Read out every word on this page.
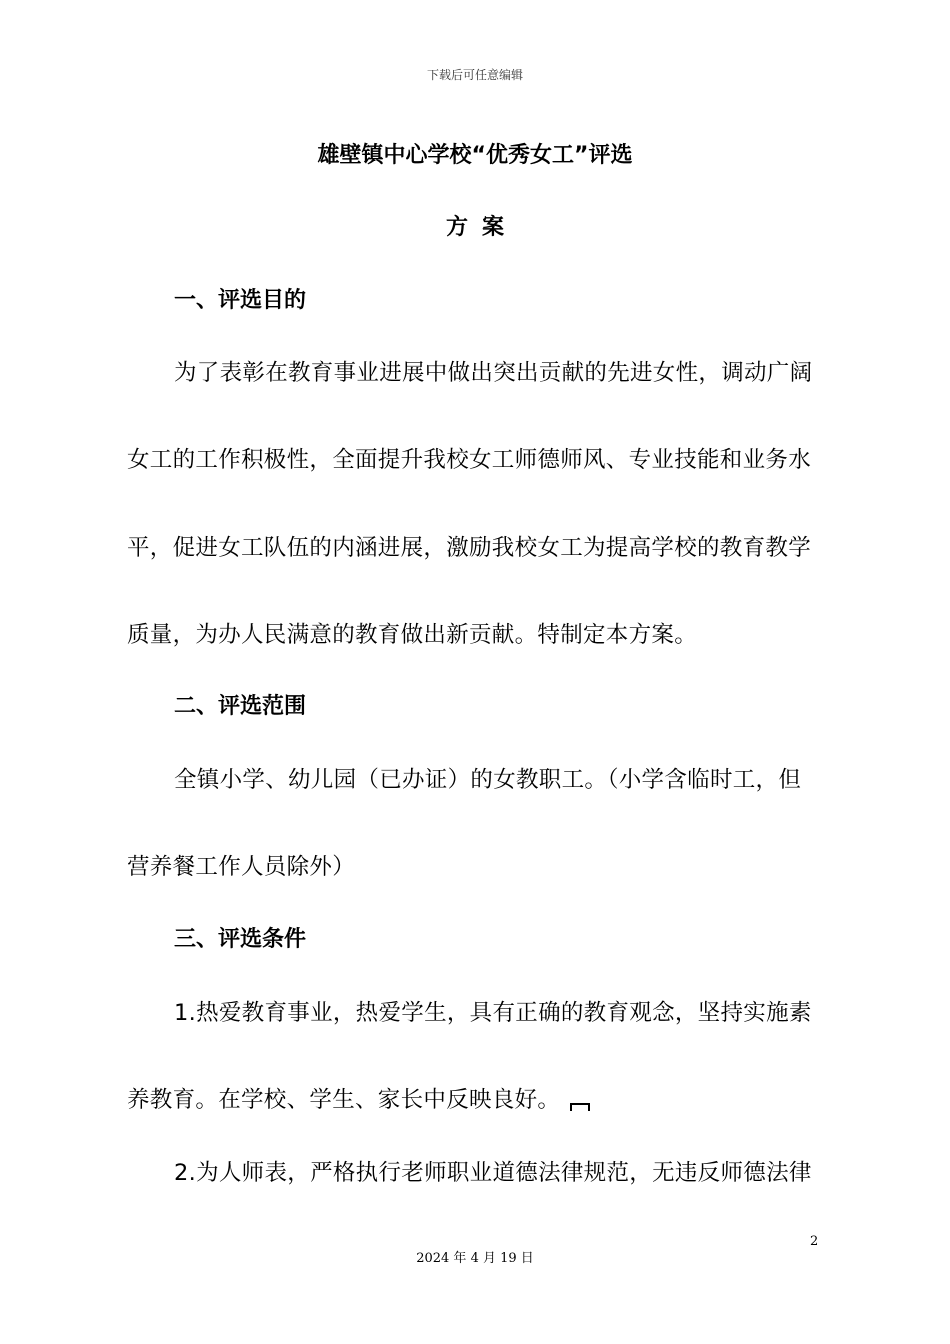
下载后可任意编辑
雄壁镇中心学校“优秀女工”评选
方案
一、评选目的
为了表彰在教育事业进展中做出突出贡献的先进女性，调动广阔
女工的工作积极性，全面提升我校女工师德师风、专业技能和业务水
平，促进女工队伍的内涵进展，激励我校女工为提高学校的教育教学
质量，为办人民满意的教育做出新贡献。特制定本方案。
二、评选范围
全镇小学、幼儿园（已办证）的女教职工。（小学含临时工，但
营养餐工作人员除外）
三、评选条件
1.热爱教育事业，热爱学生，具有正确的教育观念，坚持实施素
养教育。在学校、学生、家长中反映良好。
2.为人师表，严格执行老师职业道德法律规范，无违反师德法律
2
2024 年 4 月 19 日
